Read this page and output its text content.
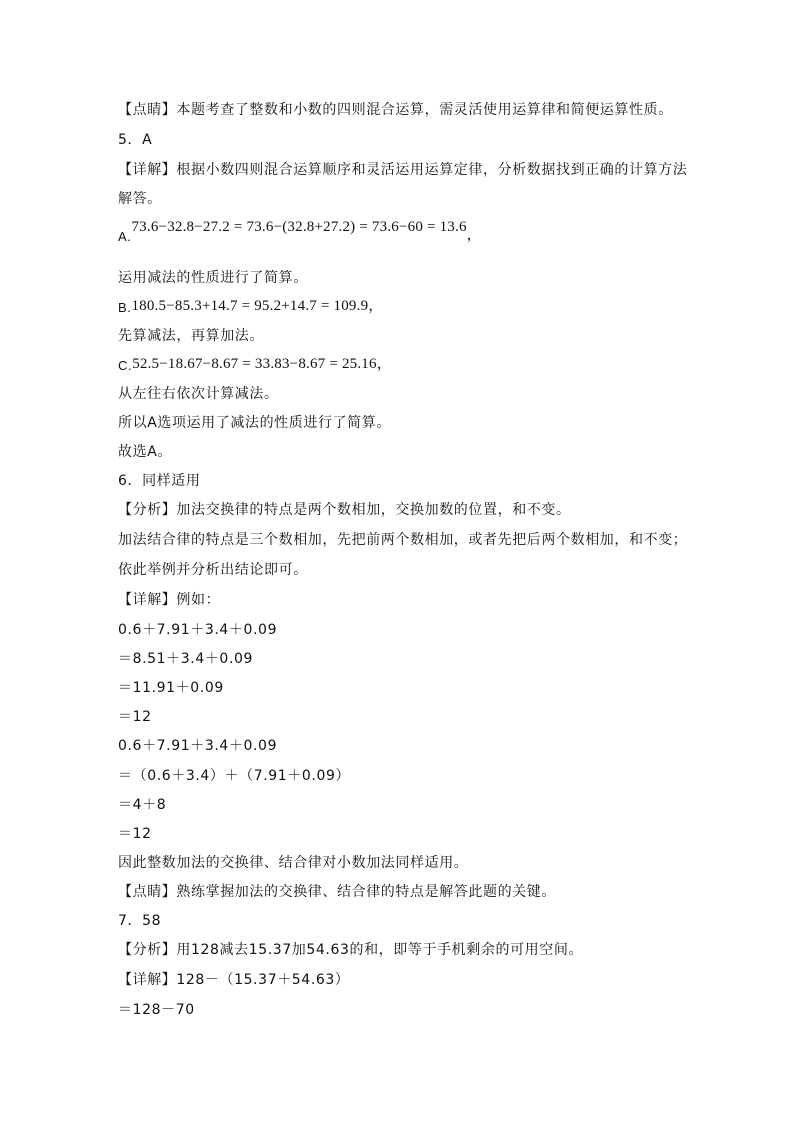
【点睛】本题考查了整数和小数的四则混合运算，需灵活使用运算律和简便运算性质。
5．A
【详解】根据小数四则混合运算顺序和灵活运用运算定律，分析数据找到正确的计算方法
解答。
A.73.6−32.8−27.2 = 73.6−(32.8+27.2) = 73.6−60 = 13.6，
运用减法的性质进行了简算。
B.180.5−85.3+14.7 = 95.2+14.7 = 109.9，
先算减法，再算加法。
C.52.5−18.67−8.67 = 33.83−8.67 = 25.16，
从左往右依次计算减法。
所以A选项运用了减法的性质进行了简算。
故选A。
6．同样适用
【分析】加法交换律的特点是两个数相加，交换加数的位置，和不变。
加法结合律的特点是三个数相加，先把前两个数相加，或者先把后两个数相加，和不变；
依此举例并分析出结论即可。
【详解】例如：
0.6＋7.91＋3.4＋0.09
＝8.51＋3.4＋0.09
＝11.91＋0.09
＝12
0.6＋7.91＋3.4＋0.09
＝（0.6＋3.4）＋（7.91＋0.09）
＝4＋8
＝12
因此整数加法的交换律、结合律对小数加法同样适用。
【点睛】熟练掌握加法的交换律、结合律的特点是解答此题的关键。
7．58
【分析】用128减去15.37加54.63的和，即等于手机剩余的可用空间。
【详解】128－（15.37＋54.63）
＝128－70
